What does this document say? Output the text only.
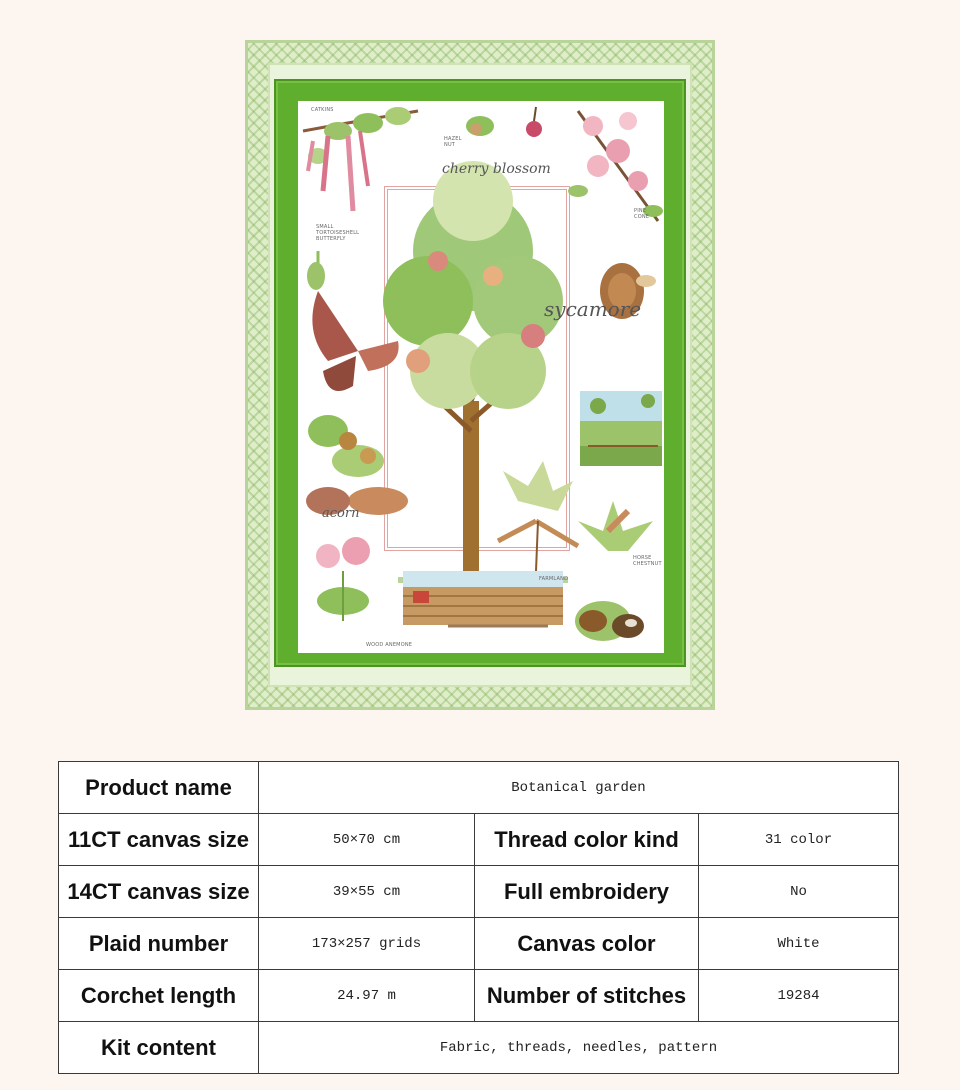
CATKINS
HAZEL NUT
cherry blossom
PINE CONE
sycamore
SMALL TORTOISESHELL BUTTERFLY
acorn
HORSE CHESTNUT
FARMLAND
WOOD ANEMONE
Product name	Botanical garden		
11CT canvas size	50×70 cm	Thread color kind	31 color
14CT canvas size	39×55 cm	Full embroidery	No
Plaid number	173×257 grids	Canvas color	White
Corchet length	24.97 m	Number of stitches	19284
Kit content	Fabric, threads, needles, pattern		
